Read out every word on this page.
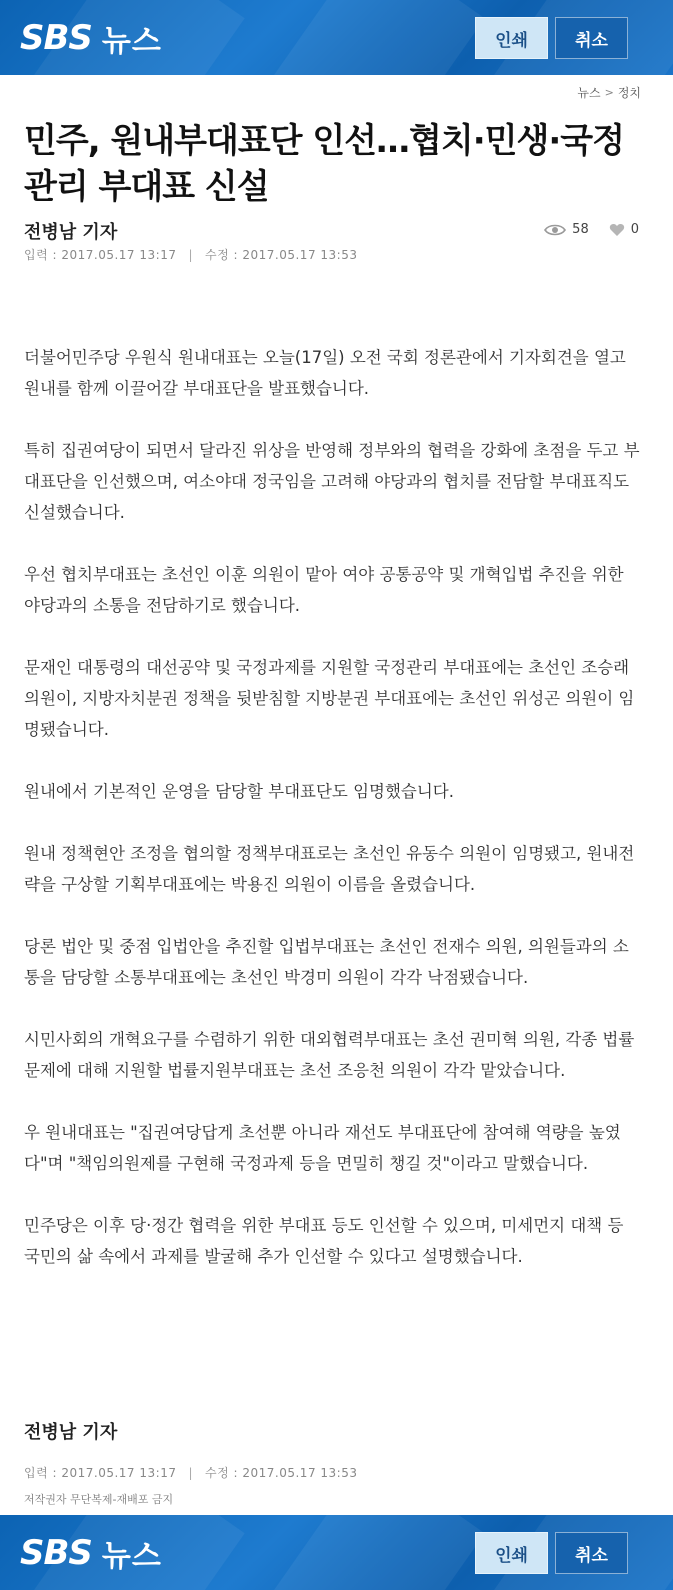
SBS 뉴스	인쇄	취소
뉴스 > 정치
민주, 원내부대표단 인선…협치·민생·국정관리 부대표 신설
전병남 기자
입력 : 2017.05.17 13:17 | 수정 : 2017.05.17 13:53
58	0

더불어민주당 우원식 원내대표는 오늘(17일) 오전 국회 정론관에서 기자회견을 열고 원내를 함께 이끌어갈 부대표단을 발표했습니다.

특히 집권여당이 되면서 달라진 위상을 반영해 정부와의 협력을 강화에 초점을 두고 부대표단을 인선했으며, 여소야대 정국임을 고려해 야당과의 협치를 전담할 부대표직도 신설했습니다.

우선 협치부대표는 초선인 이훈 의원이 맡아 여야 공통공약 및 개혁입법 추진을 위한 야당과의 소통을 전담하기로 했습니다.

문재인 대통령의 대선공약 및 국정과제를 지원할 국정관리 부대표에는 초선인 조승래 의원이, 지방자치분권 정책을 뒷받침할 지방분권 부대표에는 초선인 위성곤 의원이 임명됐습니다.

원내에서 기본적인 운영을 담당할 부대표단도 임명했습니다.

원내 정책현안 조정을 협의할 정책부대표로는 초선인 유동수 의원이 임명됐고, 원내전략을 구상할 기획부대표에는 박용진 의원이 이름을 올렸습니다.

당론 법안 및 중점 입법안을 추진할 입법부대표는 초선인 전재수 의원, 의원들과의 소통을 담당할 소통부대표에는 초선인 박경미 의원이 각각 낙점됐습니다.

시민사회의 개혁요구를 수렴하기 위한 대외협력부대표는 초선 권미혁 의원, 각종 법률문제에 대해 지원할 법률지원부대표는 초선 조응천 의원이 각각 맡았습니다.

우 원내대표는 "집권여당답게 초선뿐 아니라 재선도 부대표단에 참여해 역량을 높였다"며 "책임의원제를 구현해 국정과제 등을 면밀히 챙길 것"이라고 말했습니다.

민주당은 이후 당·정간 협력을 위한 부대표 등도 인선할 수 있으며, 미세먼지 대책 등 국민의 삶 속에서 과제를 발굴해 추가 인선할 수 있다고 설명했습니다.

전병남 기자
입력 : 2017.05.17 13:17 | 수정 : 2017.05.17 13:53
저작권자 무단복제-재배포 금지
SBS 뉴스	인쇄	취소
